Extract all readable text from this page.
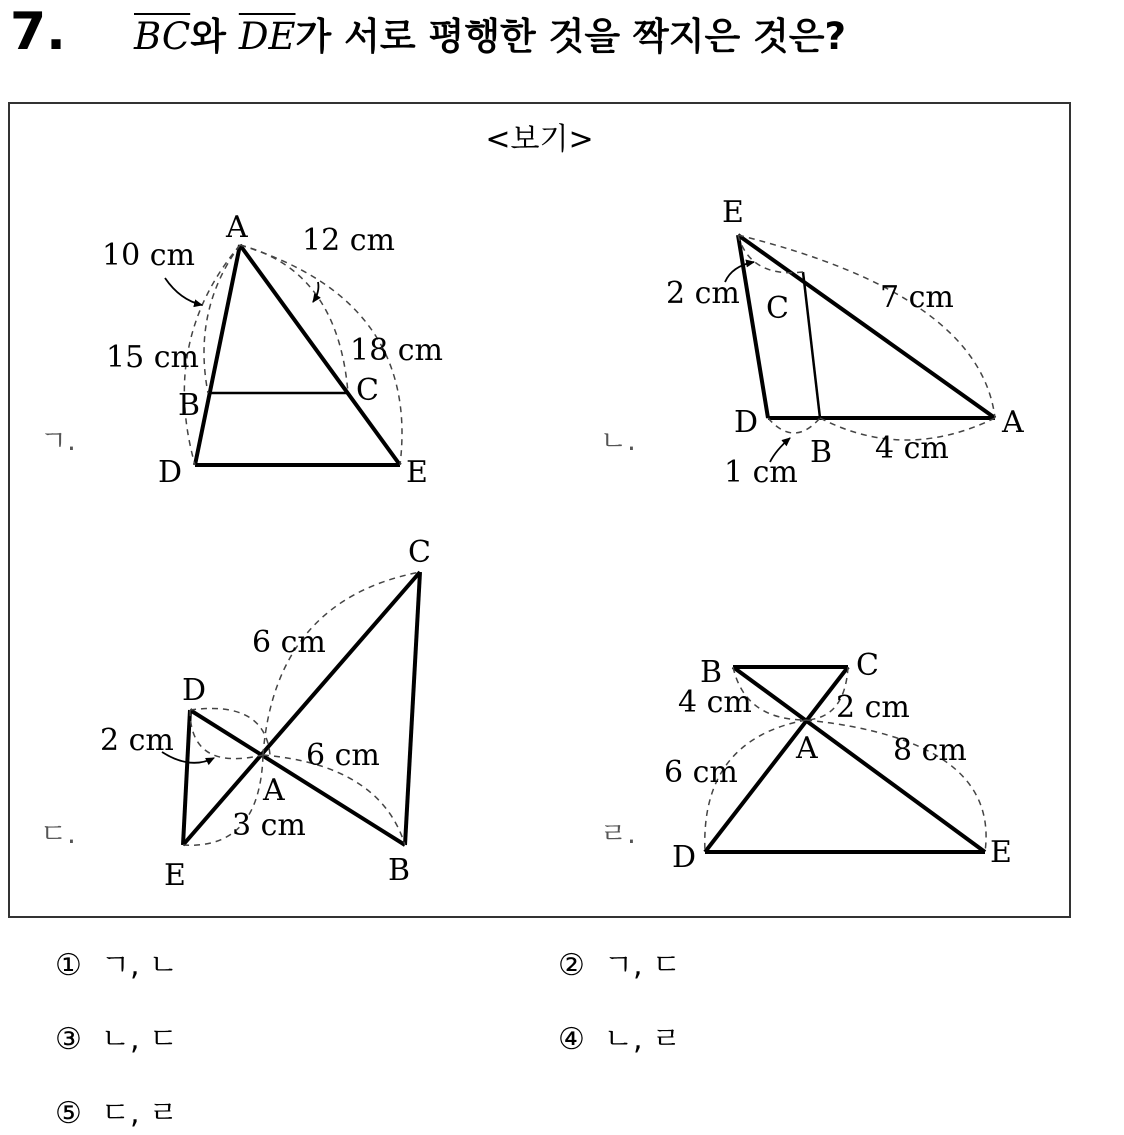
7. $\overline{BC}$와 $\overline{DE}$가 서로 평행한 것을 짝지은 것은?
<보기>
ㄱ.
A
B	C
D	E
10 cm	12 cm
15 cm	18 cm
ㄴ.
A
B
C
D
E
2 cm	7 cm
1 cm
4 cm
ㄷ.
A
B
C
D
E
6 cm
2 cm	6 cm
3 cm	ㄹ.
A
B	C
D	E
4 cm	2 cm
6 cm
8 cm
① ㄱ, ㄴ	② ㄱ, ㄷ
③ ㄴ, ㄷ	④ ㄴ, ㄹ
⑤ ㄷ, ㄹ
